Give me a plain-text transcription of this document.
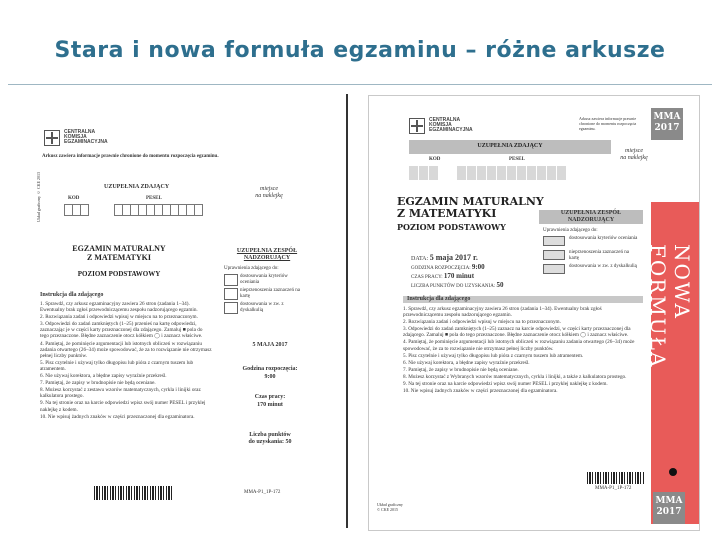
Stara i nowa formuła egzaminu – różne arkusze
CENTRALNA
KOMISJA
EGZAMINACYJNA
Arkusz zawiera informacje prawnie chronione do momentu rozpoczęcia egzaminu.
Układ graficzny © CKE 2013	UZUPEŁNIA ZDAJĄCY
KOD	PESEL
miejsce
na naklejkę
EGZAMIN MATURALNY
Z MATEMATYKI
POZIOM PODSTAWOWY
UZUPEŁNIA ZESPÓŁ
NADZORUJĄCY
Uprawnienia zdającego do:
dostosowania kryteriów oceniania
nieprzenoszenia zaznaczeń na kartę
dostosowania w zw. z dyskalkulią
Instrukcja dla zdającego
1. Sprawdź, czy arkusz egzaminacyjny zawiera 26 stron (zadania 1–34). Ewentualny brak zgłoś przewodniczącemu zespołu nadzorującego egzamin.
2. Rozwiązania zadań i odpowiedzi wpisuj w miejscu na to przeznaczonym.
3. Odpowiedzi do zadań zamkniętych (1–25) przenieś na kartę odpowiedzi, zaznaczając je w części karty przeznaczonej dla zdającego. Zamaluj ■ pola do tego przeznaczone. Błędne zaznaczenie otocz kółkiem ◯ i zaznacz właściwe.
4. Pamiętaj, że pominięcie argumentacji lub istotnych obliczeń w rozwiązaniu zadania otwartego (26–34) może spowodować, że za to rozwiązanie nie otrzymasz pełnej liczby punktów.
5. Pisz czytelnie i używaj tylko długopisu lub pióra z czarnym tuszem lub atramentem.
6. Nie używaj korektora, a błędne zapisy wyraźnie przekreśl.
7. Pamiętaj, że zapisy w brudnopisie nie będą oceniane.
8. Możesz korzystać z zestawu wzorów matematycznych, cyrkla i linijki oraz kalkulatora prostego.
9. Na tej stronie oraz na karcie odpowiedzi wpisz swój numer PESEL i przyklej naklejkę z kodem.
10. Nie wpisuj żadnych znaków w części przeznaczonej dla egzaminatora.
5 MAJA 2017
Godzina rozpoczęcia:
9:00
Czas pracy:
170 minut
Liczba punktów
do uzyskania: 50
MMA-P1_1P-172
CENTRALNA
KOMISJA
EGZAMINACYJNA
Arkusz zawiera informacje prawnie chronione do momentu rozpoczęcia egzaminu.
MMA
2017
UZUPEŁNIA ZDAJĄCY
KOD	PESEL
miejsce
na naklejkę
EGZAMIN MATURALNY
Z MATEMATYKI
POZIOM PODSTAWOWY
UZUPEŁNIA ZESPÓŁ
NADZORUJĄCY
Uprawnienia zdającego do:
dostosowania kryteriów oceniania
nieprzenoszenia zaznaczeń na kartę
dostosowania w zw. z dyskalkulią
DATA: 5 maja 2017 r.
GODZINA ROZPOCZĘCIA: 9:00
CZAS PRACY: 170 minut
LICZBA PUNKTÓW DO UZYSKANIA: 50
Instrukcja dla zdającego
1. Sprawdź, czy arkusz egzaminacyjny zawiera 26 stron (zadania 1–34). Ewentualny brak zgłoś przewodniczącemu zespołu nadzorującego egzamin.
2. Rozwiązania zadań i odpowiedzi wpisuj w miejscu na to przeznaczonym.
3. Odpowiedzi do zadań zamkniętych (1–25) zaznacz na karcie odpowiedzi, w części karty przeznaczonej dla zdającego. Zamaluj ■ pola do tego przeznaczone. Błędne zaznaczenie otocz kółkiem ◯ i zaznacz właściwe.
4. Pamiętaj, że pominięcie argumentacji lub istotnych obliczeń w rozwiązaniu zadania otwartego (26–34) może spowodować, że za to rozwiązanie nie otrzymasz pełnej liczby punktów.
5. Pisz czytelnie i używaj tylko długopisu lub pióra z czarnym tuszem lub atramentem.
6. Nie używaj korektora, a błędne zapisy wyraźnie przekreśl.
7. Pamiętaj, że zapisy w brudnopisie nie będą oceniane.
8. Możesz korzystać z Wybranych wzorów matematycznych, cyrkla i linijki, a także z kalkulatora prostego.
9. Na tej stronie oraz na karcie odpowiedzi wpisz swój numer PESEL i przyklej naklejkę z kodem.
10. Nie wpisuj żadnych znaków w części przeznaczonej dla egzaminatora.
NOWA FORMUŁA
MMA-P1_1P-172
Układ graficzny
© CKE 2015
MMA
2017
